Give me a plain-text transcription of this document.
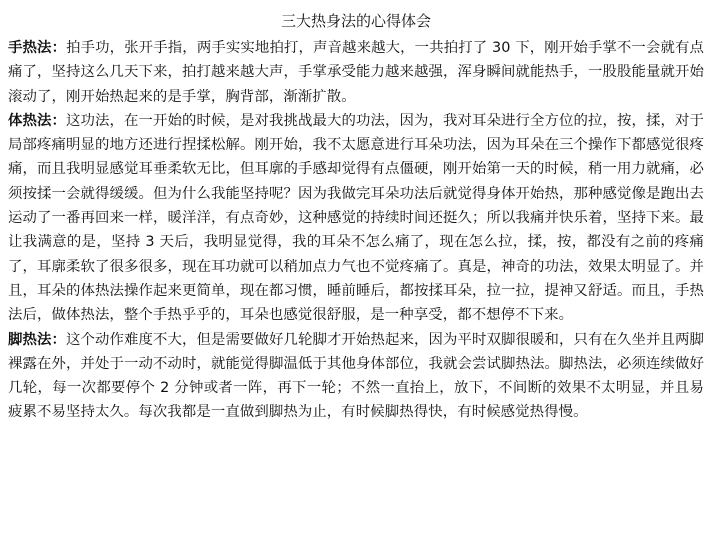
三大热身法的心得体会

手热法：拍手功，张开手指，两手实实地拍打，声音越来越大，一共拍打了 30 下，刚开始手掌不一会就有点痛了，坚持这么几天下来，拍打越来越大声，手掌承受能力越来越强，浑身瞬间就能热手，一股股能量就开始滚动了，刚开始热起来的是手掌，胸背部，渐渐扩散。

体热法：这功法，在一开始的时候，是对我挑战最大的功法，因为，我对耳朵进行全方位的拉，按，揉，对于局部疼痛明显的地方还进行捏揉松解。刚开始，我不太愿意进行耳朵功法，因为耳朵在三个操作下都感觉很疼痛，而且我明显感觉耳垂柔软无比，但耳廓的手感却觉得有点僵硬，刚开始第一天的时候，稍一用力就痛，必须按揉一会就得缓缓。但为什么我能坚持呢？因为我做完耳朵功法后就觉得身体开始热，那种感觉像是跑出去运动了一番再回来一样，暖洋洋，有点奇妙，这种感觉的持续时间还挺久；所以我痛并快乐着，坚持下来。最让我满意的是，坚持 3 天后，我明显觉得，我的耳朵不怎么痛了，现在怎么拉，揉，按，都没有之前的疼痛了，耳廓柔软了很多很多，现在耳功就可以稍加点力气也不觉疼痛了。真是，神奇的功法，效果太明显了。并且，耳朵的体热法操作起来更简单，现在都习惯，睡前睡后，都按揉耳朵，拉一拉，提神又舒适。而且，手热法后，做体热法，整个手热乎乎的，耳朵也感觉很舒服，是一种享受，都不想停不下来。

脚热法：这个动作难度不大，但是需要做好几轮脚才开始热起来，因为平时双脚很暖和，只有在久坐并且两脚裸露在外，并处于一动不动时，就能觉得脚温低于其他身体部位，我就会尝试脚热法。脚热法，必须连续做好几轮，每一次都要停个 2 分钟或者一阵，再下一轮；不然一直抬上，放下，不间断的效果不太明显，并且易疲累不易坚持太久。每次我都是一直做到脚热为止，有时候脚热得快，有时候感觉热得慢。
